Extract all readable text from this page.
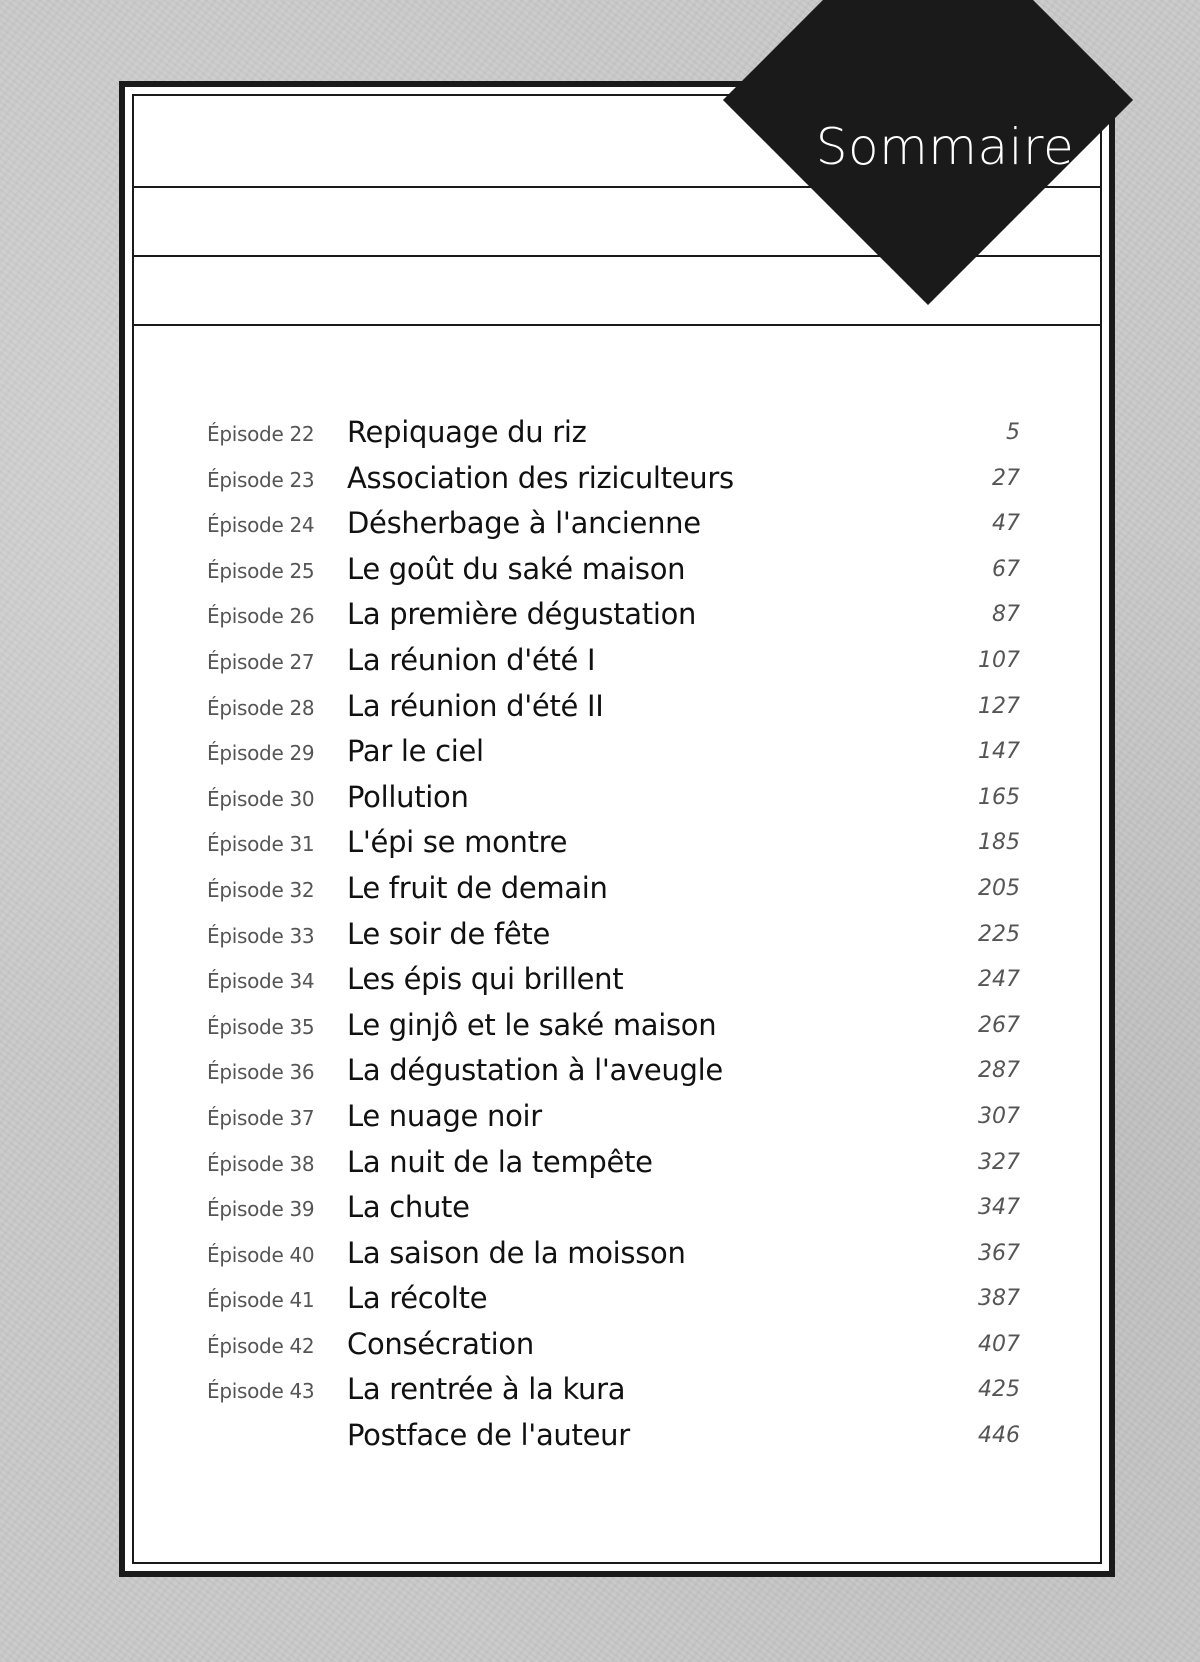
Sommaire
Épisode 22 Repiquage du riz	5
Épisode 23 Association des riziculteurs	27
Épisode 24 Désherbage à l'ancienne	47
Épisode 25 Le goût du saké maison	67
Épisode 26 La première dégustation	87
Épisode 27 La réunion d'été I	107
Épisode 28 La réunion d'été II	127
Épisode 29 Par le ciel	147
Épisode 30 Pollution	165
Épisode 31 L'épi se montre	185
Épisode 32 Le fruit de demain	205
Épisode 33 Le soir de fête	225
Épisode 34 Les épis qui brillent	247
Épisode 35 Le ginjô et le saké maison	267
Épisode 36 La dégustation à l'aveugle	287
Épisode 37 Le nuage noir	307
Épisode 38 La nuit de la tempête	327
Épisode 39 La chute	347
Épisode 40 La saison de la moisson	367
Épisode 41 La récolte	387
Épisode 42 Consécration	407
Épisode 43 La rentrée à la kura	425
Postface de l'auteur	446
